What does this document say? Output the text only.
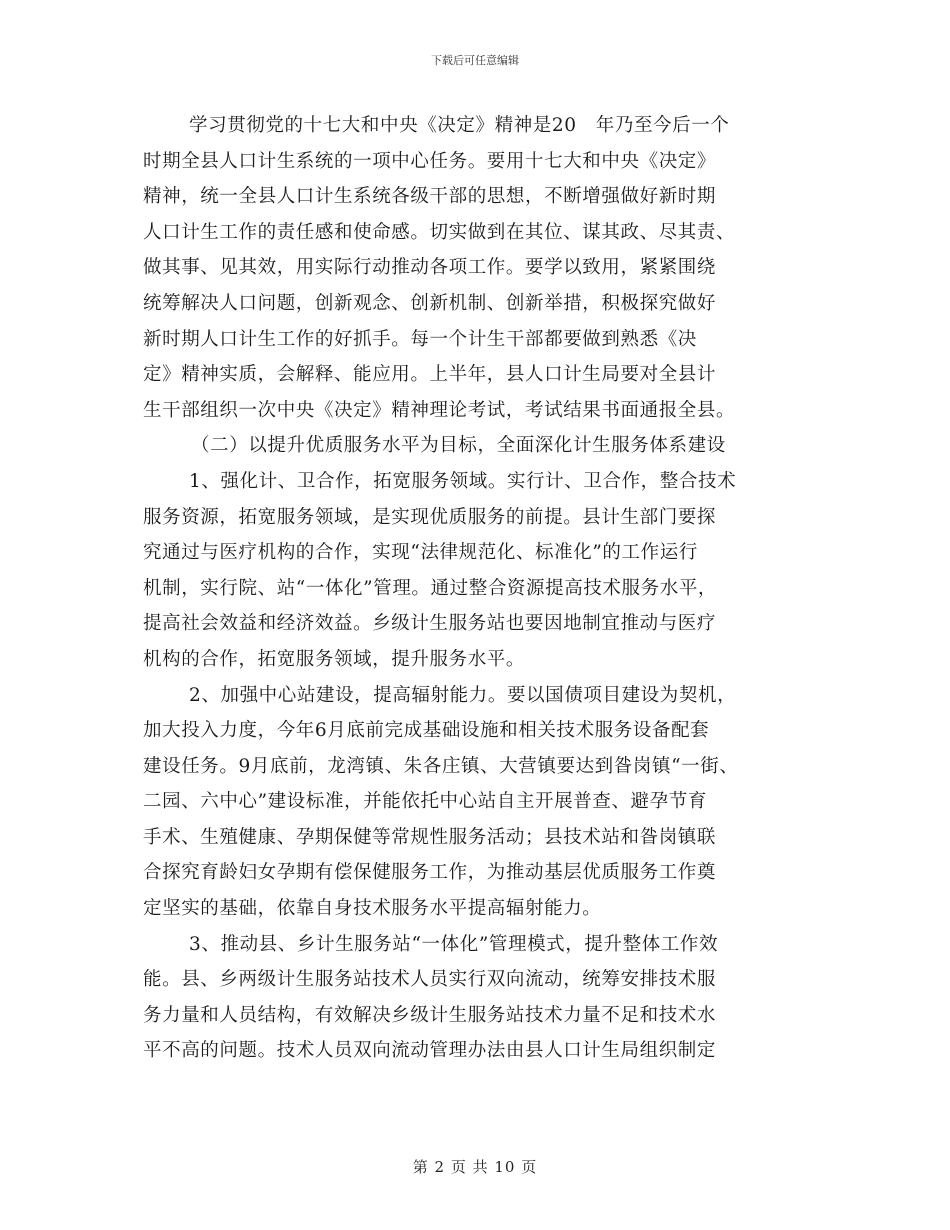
下载后可任意编辑
学习贯彻党的十七大和中央《决定》精神是20　年乃至今后一个
时期全县人口计生系统的一项中心任务。要用十七大和中央《决定》
精神，统一全县人口计生系统各级干部的思想，不断增强做好新时期
人口计生工作的责任感和使命感。切实做到在其位、谋其政、尽其责、
做其事、见其效，用实际行动推动各项工作。要学以致用，紧紧围绕
统筹解决人口问题，创新观念、创新机制、创新举措，积极探究做好
新时期人口计生工作的好抓手。每一个计生干部都要做到熟悉《决
定》精神实质，会解释、能应用。上半年，县人口计生局要对全县计
生干部组织一次中央《决定》精神理论考试，考试结果书面通报全县。
（二）以提升优质服务水平为目标，全面深化计生服务体系建设
1、强化计、卫合作，拓宽服务领域。实行计、卫合作，整合技术
服务资源，拓宽服务领域，是实现优质服务的前提。县计生部门要探
究通过与医疗机构的合作，实现“法律规范化、标准化”的工作运行
机制，实行院、站“一体化”管理。通过整合资源提高技术服务水平，
提高社会效益和经济效益。乡级计生服务站也要因地制宜推动与医疗
机构的合作，拓宽服务领域，提升服务水平。
2、加强中心站建设，提高辐射能力。要以国债项目建设为契机，
加大投入力度，今年6月底前完成基础设施和相关技术服务设备配套
建设任务。9月底前，龙湾镇、朱各庄镇、大营镇要达到昝岗镇“一街、
二园、六中心”建设标准，并能依托中心站自主开展普查、避孕节育
手术、生殖健康、孕期保健等常规性服务活动；县技术站和昝岗镇联
合探究育龄妇女孕期有偿保健服务工作，为推动基层优质服务工作奠
定坚实的基础，依靠自身技术服务水平提高辐射能力。
3、推动县、乡计生服务站“一体化”管理模式，提升整体工作效
能。县、乡两级计生服务站技术人员实行双向流动，统筹安排技术服
务力量和人员结构，有效解决乡级计生服务站技术力量不足和技术水
平不高的问题。技术人员双向流动管理办法由县人口计生局组织制定
第 2 页 共 10 页
